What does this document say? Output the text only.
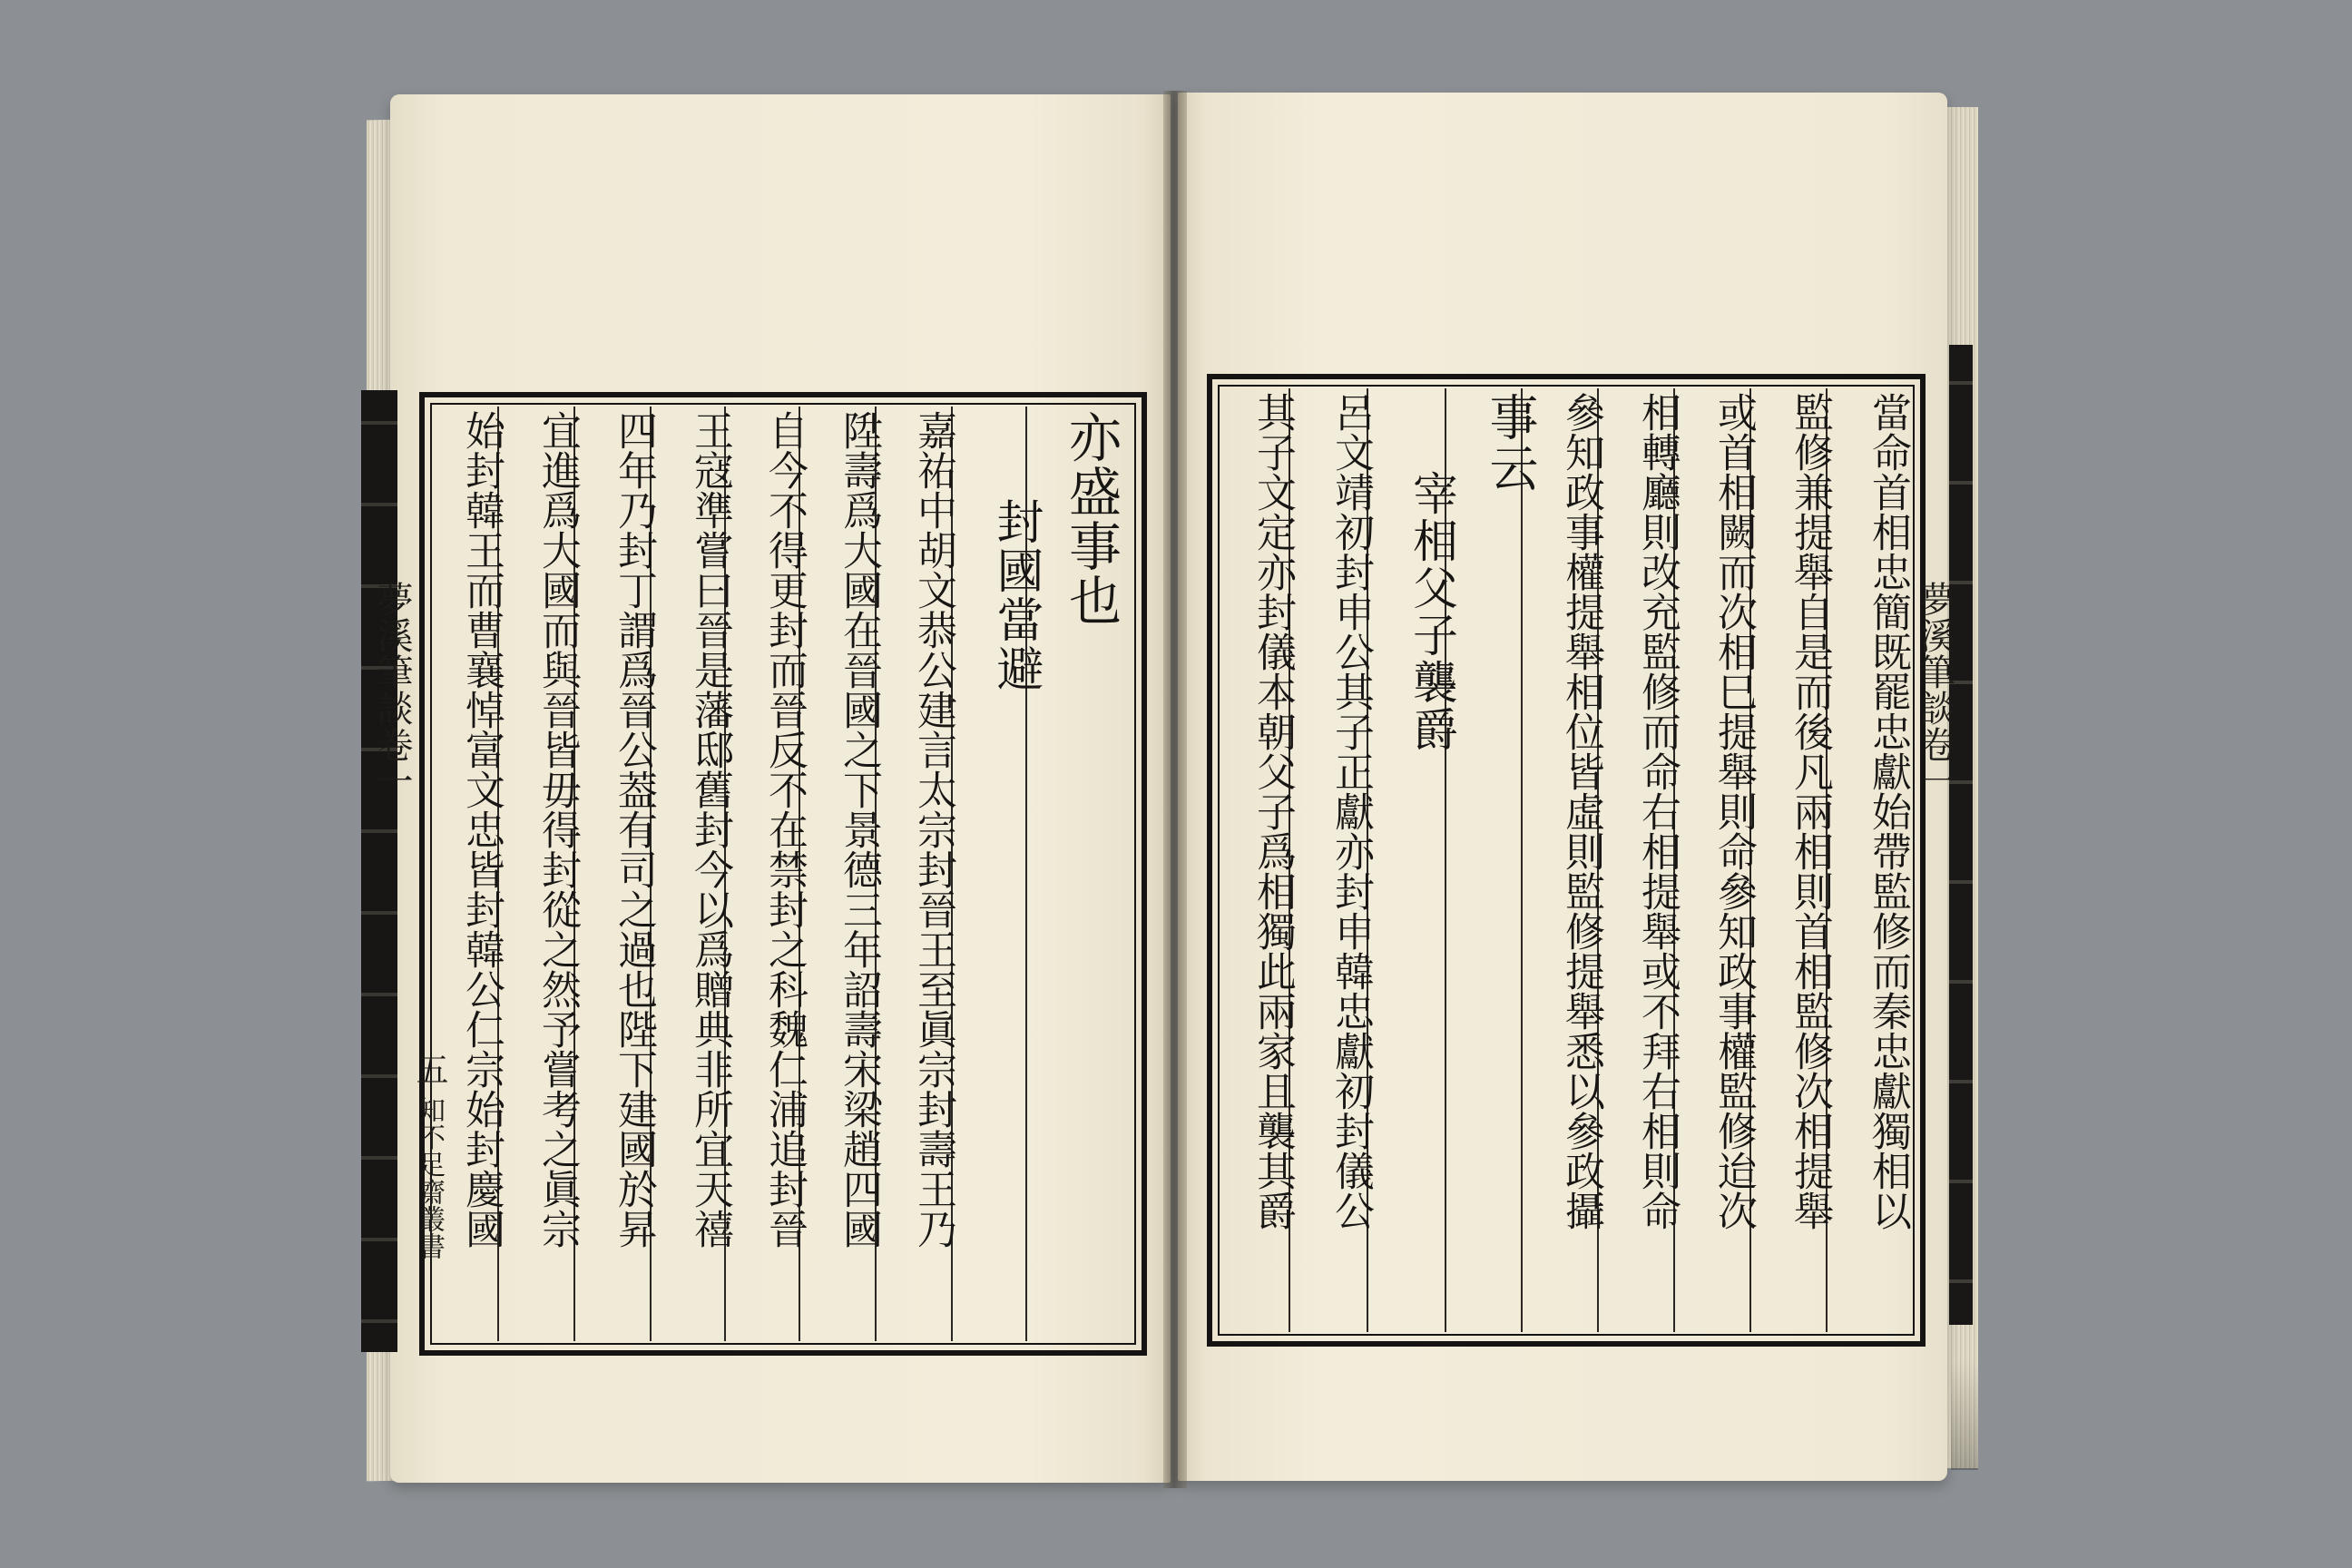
亦盛事也
封國當避
嘉祐中胡文恭公建言太宗封晉王至眞宗封壽王乃
陞壽爲大國在晉國之下景德三年詔壽宋梁趙四國
自今不得更封而晉反不在禁封之科魏仁浦追封晉
王寇準嘗曰晉是藩邸舊封今以爲贈典非所宜天禧
四年乃封丁謂爲晉公葢有司之過也陛下建國於昇
宜進爲大國而與晉皆毋得封從之然予嘗考之眞宗
始封韓王而曹襄悼富文忠皆封韓公仁宗始封慶國
夢溪筆談卷一
五
知不足齋叢書	當命首相忠簡既罷忠獻始帶監修而秦忠獻獨相以
監修兼提舉自是而後凡兩相則首相監修次相提舉
或首相闕而次相巳提舉則命參知政事權監修迨次
相轉廳則改充監修而命右相提舉或不拜右相則命
參知政事權提舉相位皆虛則監修提舉悉以參政攝
事云
宰相父子襲爵
呂文靖初封申公其子正獻亦封申韓忠獻初封儀公
其子文定亦封儀本朝父子爲相獨此兩家且襲其爵	夢溪筆談卷一
